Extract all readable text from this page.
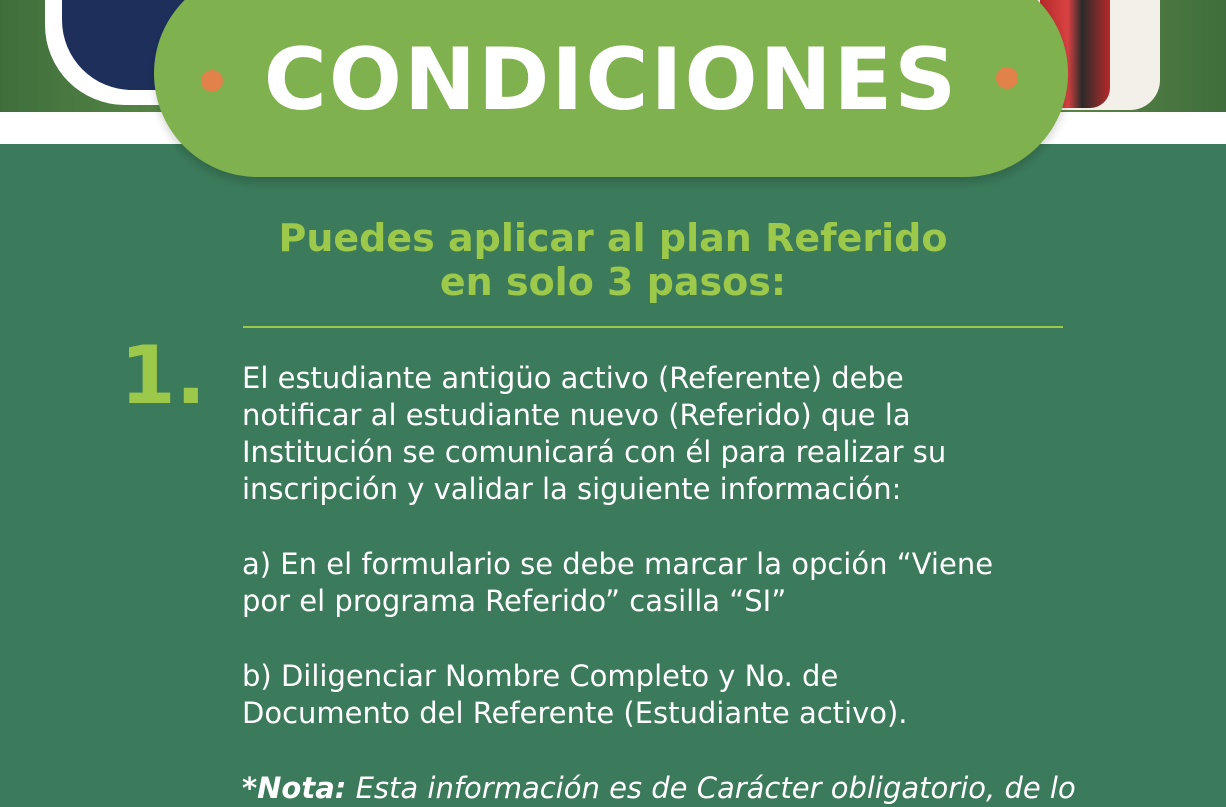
CONDICIONES
Puedes aplicar al plan Referido
en solo 3 pasos:
1. El estudiante antigüo activo (Referente) debe
notificar al estudiante nuevo (Referido) que la
Institución se comunicará con él para realizar su
inscripción y validar la siguiente información:
a) En el formulario se debe marcar la opción “Viene
por el programa Referido” casilla “SI”
b) Diligenciar Nombre Completo y No. de
Documento del Referente (Estudiante activo).
*Nota: Esta información es de Carácter obligatorio, de lo
